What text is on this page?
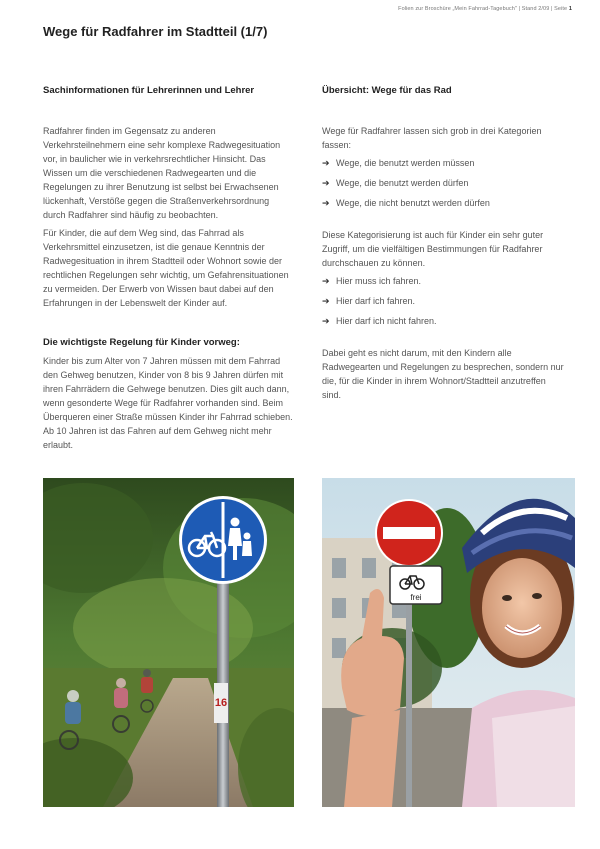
Folien zur Broschüre „Mein Fahrrad-Tagebuch" | Stand 2/09 | Seite 1
Wege für Radfahrer im Stadtteil (1/7)
Sachinformationen für Lehrerinnen und Lehrer

Radfahrer finden im Gegensatz zu anderen Verkehrsteilnehmern eine sehr komplexe Radwegesituation vor, in baulicher wie in verkehrsrechtlicher Hinsicht. Das Wissen um die verschiedenen Radwegearten und die Regelungen zu ihrer Benutzung ist selbst bei Erwachsenen lückenhaft, Verstöße gegen die Straßenverkehrsordnung durch Radfahrer sind häufig zu beobachten.

Für Kinder, die auf dem Weg sind, das Fahrrad als Verkehrsmittel einzusetzen, ist die genaue Kenntnis der Radwegesituation in ihrem Stadtteil oder Wohnort sowie der rechtlichen Regelungen sehr wichtig, um Gefahrensituationen zu vermeiden. Der Erwerb von Wissen baut dabei auf den Erfahrungen in der Lebenswelt der Kinder auf.

Die wichtigste Regelung für Kinder vorweg:

Kinder bis zum Alter von 7 Jahren müssen mit dem Fahrrad den Gehweg benutzen, Kinder von 8 bis 9 Jahren dürfen mit ihren Fahrrädern die Gehwege benutzen. Dies gilt auch dann, wenn gesonderte Wege für Radfahrer vorhanden sind. Beim Überqueren einer Straße müssen Kinder ihr Fahrrad schieben. Ab 10 Jahren ist das Fahren auf dem Gehweg nicht mehr erlaubt.

Übersicht: Wege für das Rad

Wege für Radfahrer lassen sich grob in drei Kategorien fassen:

➔ Wege, die benutzt werden müssen
➔ Wege, die benutzt werden dürfen
➔ Wege, die nicht benutzt werden dürfen

Diese Kategorisierung ist auch für Kinder ein sehr guter Zugriff, um die vielfältigen Bestimmungen für Radfahrer durchschauen zu können.

➔ Hier muss ich fahren.
➔ Hier darf ich fahren.
➔ Hier darf ich nicht fahren.

Dabei geht es nicht darum, mit den Kindern alle Radwegearten und Regelungen zu besprechen, sondern nur die, für die Kinder in ihrem Wohnort/Stadtteil anzutreffen sind.

16
frei
